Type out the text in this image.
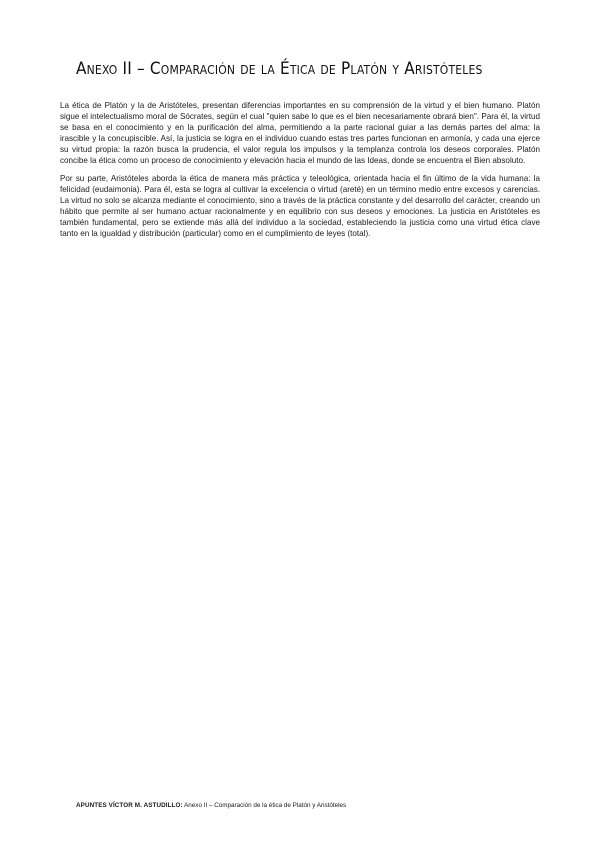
Anexo II – Comparación de la Ética de Platón y Aristóteles

La ética de Platón y la de Aristóteles, presentan diferencias importantes en su comprensión de la virtud y el bien humano. Platón sigue el intelectualismo moral de Sócrates, según el cual "quien sabe lo que es el bien necesariamente obrará bien". Para él, la virtud se basa en el conocimiento y en la purificación del alma, permitiendo a la parte racional guiar a las demás partes del alma: la irascible y la concupiscible. Así, la justicia se logra en el individuo cuando estas tres partes funcionan en armonía, y cada una ejerce su virtud propia: la razón busca la prudencia, el valor regula los impulsos y la templanza controla los deseos corporales. Platón concibe la ética como un proceso de conocimiento y elevación hacia el mundo de las Ideas, donde se encuentra el Bien absoluto.

Por su parte, Aristóteles aborda la ética de manera más práctica y teleológica, orientada hacia el fin último de la vida humana: la felicidad (eudaimonia). Para él, esta se logra al cultivar la excelencia o virtud (areté) en un término medio entre excesos y carencias. La virtud no solo se alcanza mediante el conocimiento, sino a través de la práctica constante y del desarrollo del carácter, creando un hábito que permite al ser humano actuar racionalmente y en equilibrio con sus deseos y emociones. La justicia en Aristóteles es también fundamental, pero se extiende más allá del individuo a la sociedad, estableciendo la justicia como una virtud ética clave tanto en la igualdad y distribución (particular) como en el cumplimiento de leyes (total).

APUNTES VÍCTOR M. ASTUDILLO: Anexo II – Comparación de la ética de Platón y Aristóteles
